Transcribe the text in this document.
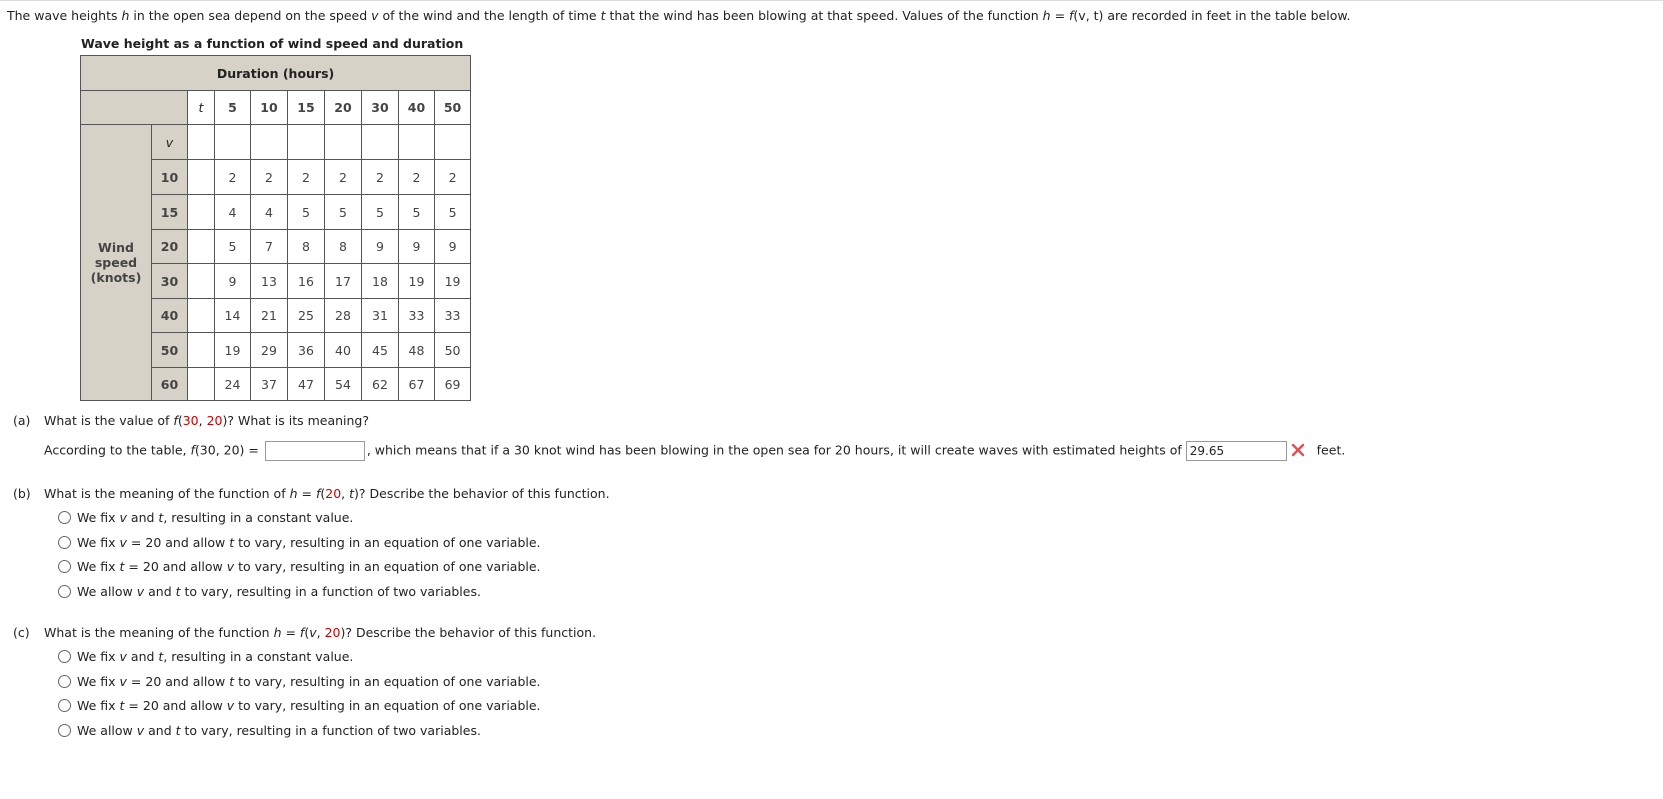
The wave heights h in the open sea depend on the speed v of the wind and the length of time t that the wind has been blowing at that speed. Values of the function h = f(v, t) are recorded in feet in the table below.
Wave height as a function of wind speed and duration
Duration (hours)									
		t	5	10	15	20	30	40	50
Wind
speed
(knots)	v								
	10		2	2	2	2	2	2	2
	15		4	4	5	5	5	5	5
	20		5	7	8	8	9	9	9
	30		9	13	16	17	18	19	19
	40		14	21	25	28	31	33	33
	50		19	29	36	40	45	48	50
	60		24	37	47	54	62	67	69
(a) What is the value of f(30, 20)? What is its meaning?
According to the table, f(30, 20) =	, which means that if a 30 knot wind has been blowing in the open sea for 20 hours, it will create waves with estimated heights of 29.65	feet.
(b) What is the meaning of the function of h = f(20, t)? Describe the behavior of this function.
We fix v and t, resulting in a constant value.
We fix v = 20 and allow t to vary, resulting in an equation of one variable.
We fix t = 20 and allow v to vary, resulting in an equation of one variable.
We allow v and t to vary, resulting in a function of two variables.
(c) What is the meaning of the function h = f(v, 20)? Describe the behavior of this function.
We fix v and t, resulting in a constant value.
We fix v = 20 and allow t to vary, resulting in an equation of one variable.
We fix t = 20 and allow v to vary, resulting in an equation of one variable.
We allow v and t to vary, resulting in a function of two variables.
